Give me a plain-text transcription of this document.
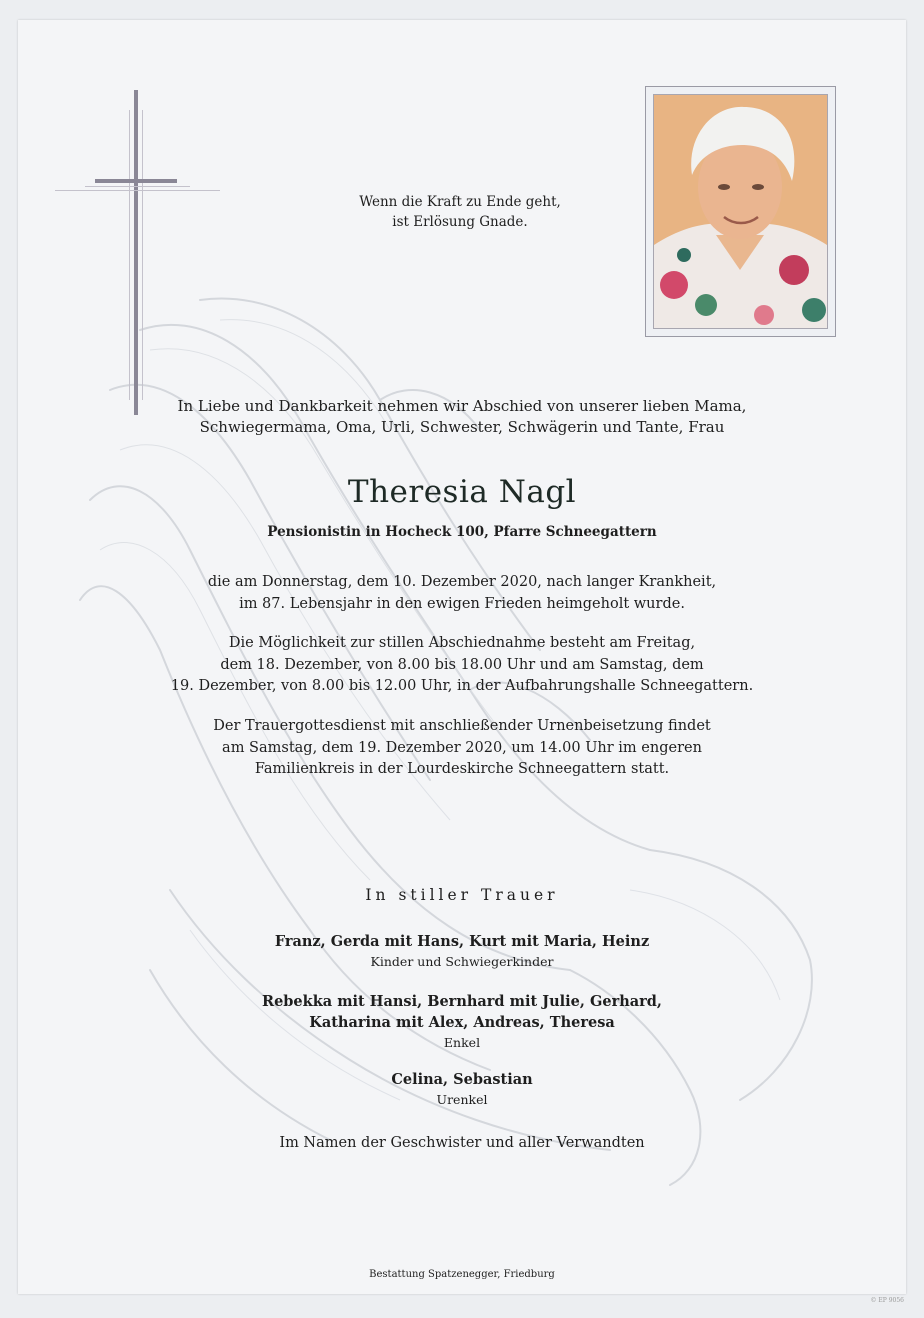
Wenn die Kraft zu Ende geht,
ist Erlösung Gnade.
In Liebe und Dankbarkeit nehmen wir Abschied von unserer lieben Mama,
Schwiegermama, Oma, Urli, Schwester, Schwägerin und Tante, Frau
Theresia Nagl
Pensionistin in Hocheck 100, Pfarre Schneegattern
die am Donnerstag, dem 10. Dezember 2020, nach langer Krankheit,
im 87. Lebensjahr in den ewigen Frieden heimgeholt wurde.
Die Möglichkeit zur stillen Abschiednahme besteht am Freitag,
dem 18. Dezember, von 8.00 bis 18.00 Uhr und am Samstag, dem
19. Dezember, von 8.00 bis 12.00 Uhr, in der Aufbahrungshalle Schneegattern.
Der Trauergottesdienst mit anschließender Urnenbeisetzung findet
am Samstag, dem 19. Dezember 2020, um 14.00 Uhr im engeren
Familienkreis in der Lourdeskirche Schneegattern statt.
In stiller Trauer
Franz, Gerda mit Hans, Kurt mit Maria, Heinz
Kinder und Schwiegerkinder
Rebekka mit Hansi, Bernhard mit Julie, Gerhard,
Katharina mit Alex, Andreas, Theresa
Enkel
Celina, Sebastian
Urenkel
Im Namen der Geschwister und aller Verwandten
Bestattung Spatzenegger, Friedburg
© EP 9056
